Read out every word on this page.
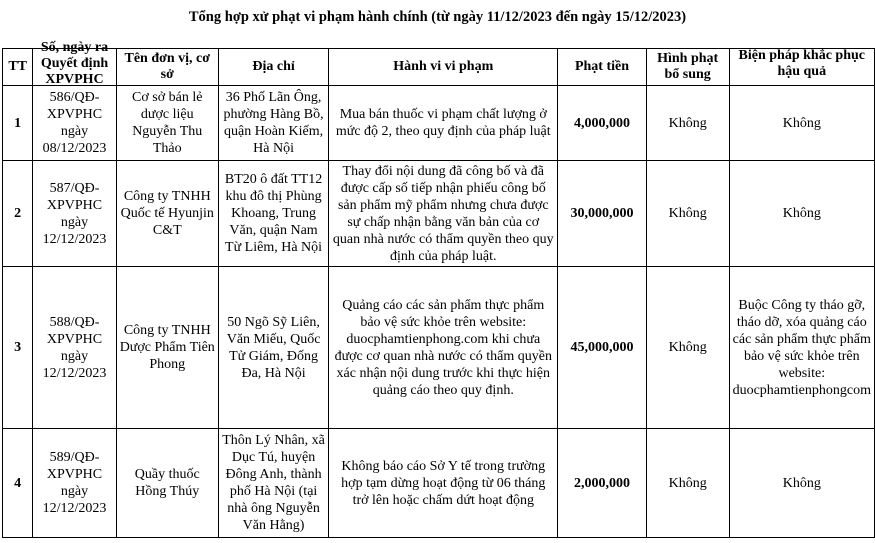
Tổng hợp xử phạt vi phạm hành chính (từ ngày 11/12/2023 đến ngày 15/12/2023)
TT	Số, ngày ra Quyết định XPVPHC	Tên đơn vị, cơ sở	Địa chỉ	Hành vi vi phạm	Phạt tiền	Hình phạt bổ sung	Biện pháp khắc phục hậu quả

1	586/QĐ-XPVPHC ngày 08/12/2023	Cơ sở bán lẻ dược liệu Nguyễn Thu Thảo	36 Phố Lãn Ông, phường Hàng Bồ, quận Hoàn Kiếm, Hà Nội	Mua bán thuốc vi phạm chất lượng ở mức độ 2, theo quy định của pháp luật	4,000,000	Không	Không
2	587/QĐ-XPVPHC ngày 12/12/2023	Công ty TNHH Quốc tế Hyunjin C&T	BT20 ô đất TT12 khu đô thị Phùng Khoang, Trung Văn, quận Nam Từ Liêm, Hà Nội	Thay đổi nội dung đã công bố và đã được cấp số tiếp nhận phiếu công bố sản phẩm mỹ phẩm nhưng chưa được sự chấp nhận bằng văn bản của cơ quan nhà nước có thẩm quyền theo quy định của pháp luật.	30,000,000	Không	Không
3	588/QĐ-XPVPHC ngày 12/12/2023	Công ty TNHH Dược Phẩm Tiên Phong	50 Ngõ Sỹ Liên, Văn Miếu, Quốc Tử Giám, Đống Đa, Hà Nội	Quảng cáo các sản phẩm thực phẩm bảo vệ sức khỏe trên website: duocphamtienphong.com khi chưa được cơ quan nhà nước có thẩm quyền xác nhận nội dung trước khi thực hiện quảng cáo theo quy định.	45,000,000	Không	Buộc Công ty tháo gỡ, tháo dỡ, xóa quảng cáo các sản phẩm thực phẩm bảo vệ sức khỏe trên website: duocphamtienphongcom
4	589/QĐ-XPVPHC ngày 12/12/2023	Quầy thuốc Hồng Thúy	Thôn Lý Nhân, xã Dục Tú, huyện Đông Anh, thành phố Hà Nội (tại nhà ông Nguyễn Văn Hằng)	Không báo cáo Sở Y tế trong trường hợp tạm dừng hoạt động từ 06 tháng trở lên hoặc chấm dứt hoạt động	2,000,000	Không	Không
